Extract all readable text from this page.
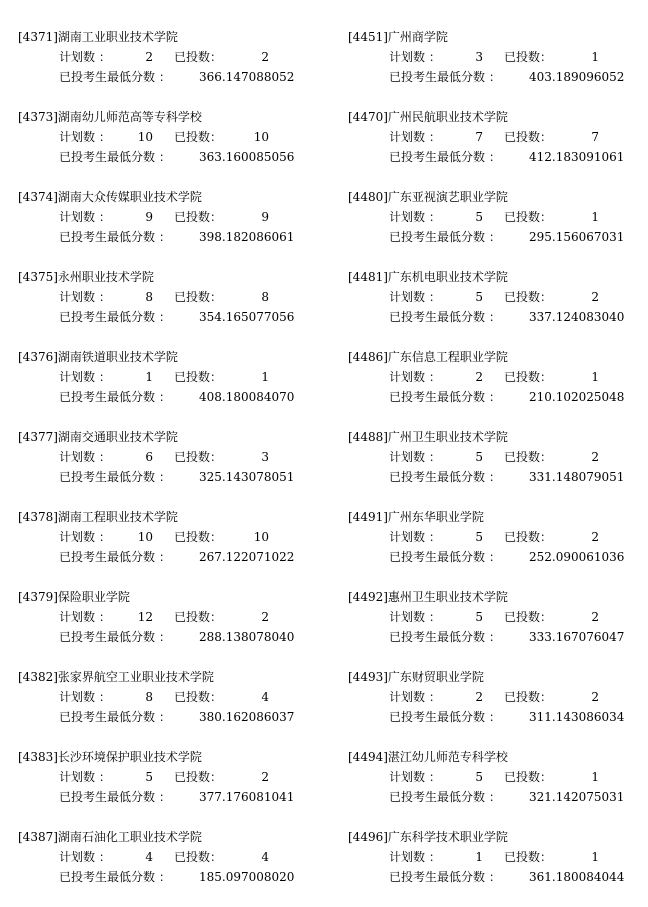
[4371]湖南工业职业技术学院
计划数 ：	2 已投数：	2
已投考生最低分数 ： 366.147088052
[4373]湖南幼儿师范高等专科学校
计划数 ：	10 已投数：	10
已投考生最低分数 ： 363.160085056
[4374]湖南大众传媒职业技术学院
计划数 ：	9 已投数：	9
已投考生最低分数 ： 398.182086061
[4375]永州职业技术学院
计划数 ：	8 已投数：	8
已投考生最低分数 ： 354.165077056
[4376]湖南铁道职业技术学院
计划数 ：	1 已投数：	1
已投考生最低分数 ： 408.180084070
[4377]湖南交通职业技术学院
计划数 ：	6 已投数：	3
已投考生最低分数 ： 325.143078051
[4378]湖南工程职业技术学院
计划数 ：	10 已投数：	10
已投考生最低分数 ： 267.122071022
[4379]保险职业学院
计划数 ：	12 已投数：	2
已投考生最低分数 ： 288.138078040
[4382]张家界航空工业职业技术学院
计划数 ：	8 已投数：	4
已投考生最低分数 ： 380.162086037
[4383]长沙环境保护职业技术学院
计划数 ：	5 已投数：	2
已投考生最低分数 ： 377.176081041
[4387]湖南石油化工职业技术学院
计划数 ：	4 已投数：	4
已投考生最低分数 ： 185.097008020
[4451]广州商学院
计划数 ：	3 已投数：	1
已投考生最低分数 ： 403.189096052
[4470]广州民航职业技术学院
计划数 ：	7 已投数：	7
已投考生最低分数 ： 412.183091061
[4480]广东亚视演艺职业学院
计划数 ：	5 已投数：	1
已投考生最低分数 ： 295.156067031
[4481]广东机电职业技术学院
计划数 ：	5 已投数：	2
已投考生最低分数 ： 337.124083040
[4486]广东信息工程职业学院
计划数 ：	2 已投数：	1
已投考生最低分数 ： 210.102025048
[4488]广州卫生职业技术学院
计划数 ：	5 已投数：	2
已投考生最低分数 ： 331.148079051
[4491]广州东华职业学院
计划数 ：	5 已投数：	2
已投考生最低分数 ： 252.090061036
[4492]惠州卫生职业技术学院
计划数 ：	5 已投数：	2
已投考生最低分数 ： 333.167076047
[4493]广东财贸职业学院
计划数 ：	2 已投数：	2
已投考生最低分数 ： 311.143086034
[4494]湛江幼儿师范专科学校
计划数 ：	5 已投数：	1
已投考生最低分数 ： 321.142075031
[4496]广东科学技术职业学院
计划数 ：	1 已投数：	1
已投考生最低分数 ： 361.180084044
